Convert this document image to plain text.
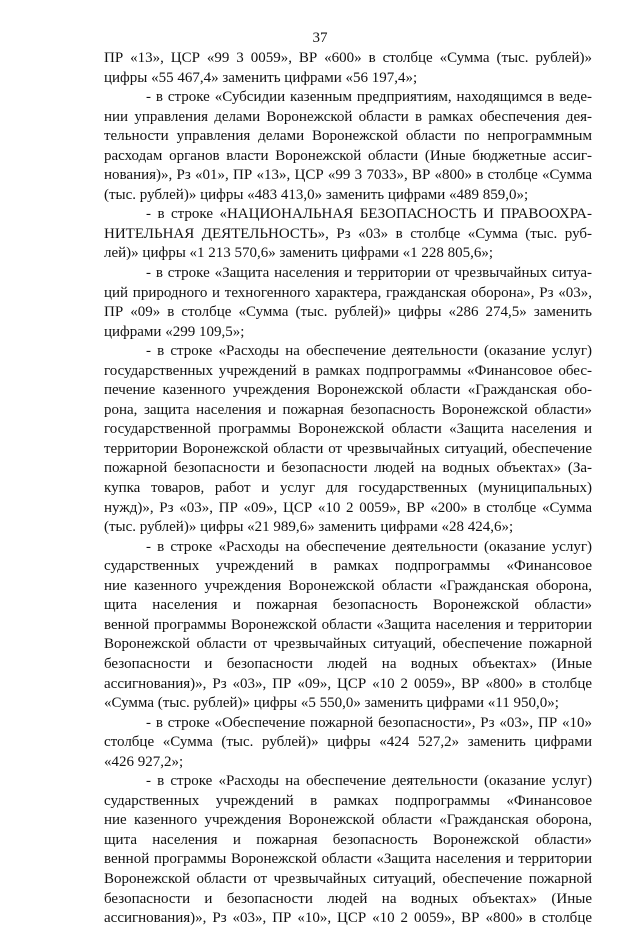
37
ПР «13», ЦСР «99 3 0059», ВР «600» в столбце «Сумма (тыс. рублей)»
цифры «55 467,4» заменить цифрами «56 197,4»;
- в строке «Субсидии казенным предприятиям, находящимся в веде-
нии управления делами Воронежской области в рамках обеспечения дея-
тельности управления делами Воронежской области по непрограммным
расходам органов власти Воронежской области (Иные бюджетные ассиг-
нования)», Рз «01», ПР «13», ЦСР «99 3 7033», ВР «800» в столбце «Сумма
(тыс. рублей)» цифры «483 413,0» заменить цифрами «489 859,0»;
- в строке «НАЦИОНАЛЬНАЯ БЕЗОПАСНОСТЬ И ПРАВООХРА-
НИТЕЛЬНАЯ ДЕЯТЕЛЬНОСТЬ», Рз «03» в столбце «Сумма (тыс. руб-
лей)» цифры «1 213 570,6» заменить цифрами «1 228 805,6»;
- в строке «Защита населения и территории от чрезвычайных ситуа-
ций природного и техногенного характера, гражданская оборона», Рз «03»,
ПР «09» в столбце «Сумма (тыс. рублей)» цифры «286 274,5» заменить
цифрами «299 109,5»;
- в строке «Расходы на обеспечение деятельности (оказание услуг)
государственных учреждений в рамках подпрограммы «Финансовое обес-
печение казенного учреждения Воронежской области «Гражданская обо-
рона, защита населения и пожарная безопасность Воронежской области»
государственной программы Воронежской области «Защита населения и
территории Воронежской области от чрезвычайных ситуаций, обеспечение
пожарной безопасности и безопасности людей на водных объектах» (За-
купка товаров, работ и услуг для государственных (муниципальных)
нужд)», Рз «03», ПР «09», ЦСР «10 2 0059», ВР «200» в столбце «Сумма
(тыс. рублей)» цифры «21 989,6» заменить цифрами «28 424,6»;
- в строке «Расходы на обеспечение деятельности (оказание услуг)
сударственных учреждений в рамках подпрограммы «Финансовое
ние казенного учреждения Воронежской области «Гражданская оборона,
щита населения и пожарная безопасность Воронежской области»
венной программы Воронежской области «Защита населения и территории
Воронежской области от чрезвычайных ситуаций, обеспечение пожарной
безопасности и безопасности людей на водных объектах» (Иные
ассигнования)», Рз «03», ПР «09», ЦСР «10 2 0059», ВР «800» в столбце
«Сумма (тыс. рублей)» цифры «5 550,0» заменить цифрами «11 950,0»;
- в строке «Обеспечение пожарной безопасности», Рз «03», ПР «10»
столбце «Сумма (тыс. рублей)» цифры «424 527,2» заменить цифрами
«426 927,2»;
- в строке «Расходы на обеспечение деятельности (оказание услуг)
сударственных учреждений в рамках подпрограммы «Финансовое
ние казенного учреждения Воронежской области «Гражданская оборона,
щита населения и пожарная безопасность Воронежской области»
венной программы Воронежской области «Защита населения и территории
Воронежской области от чрезвычайных ситуаций, обеспечение пожарной
безопасности и безопасности людей на водных объектах» (Иные
ассигнования)», Рз «03», ПР «10», ЦСР «10 2 0059», ВР «800» в столбце
